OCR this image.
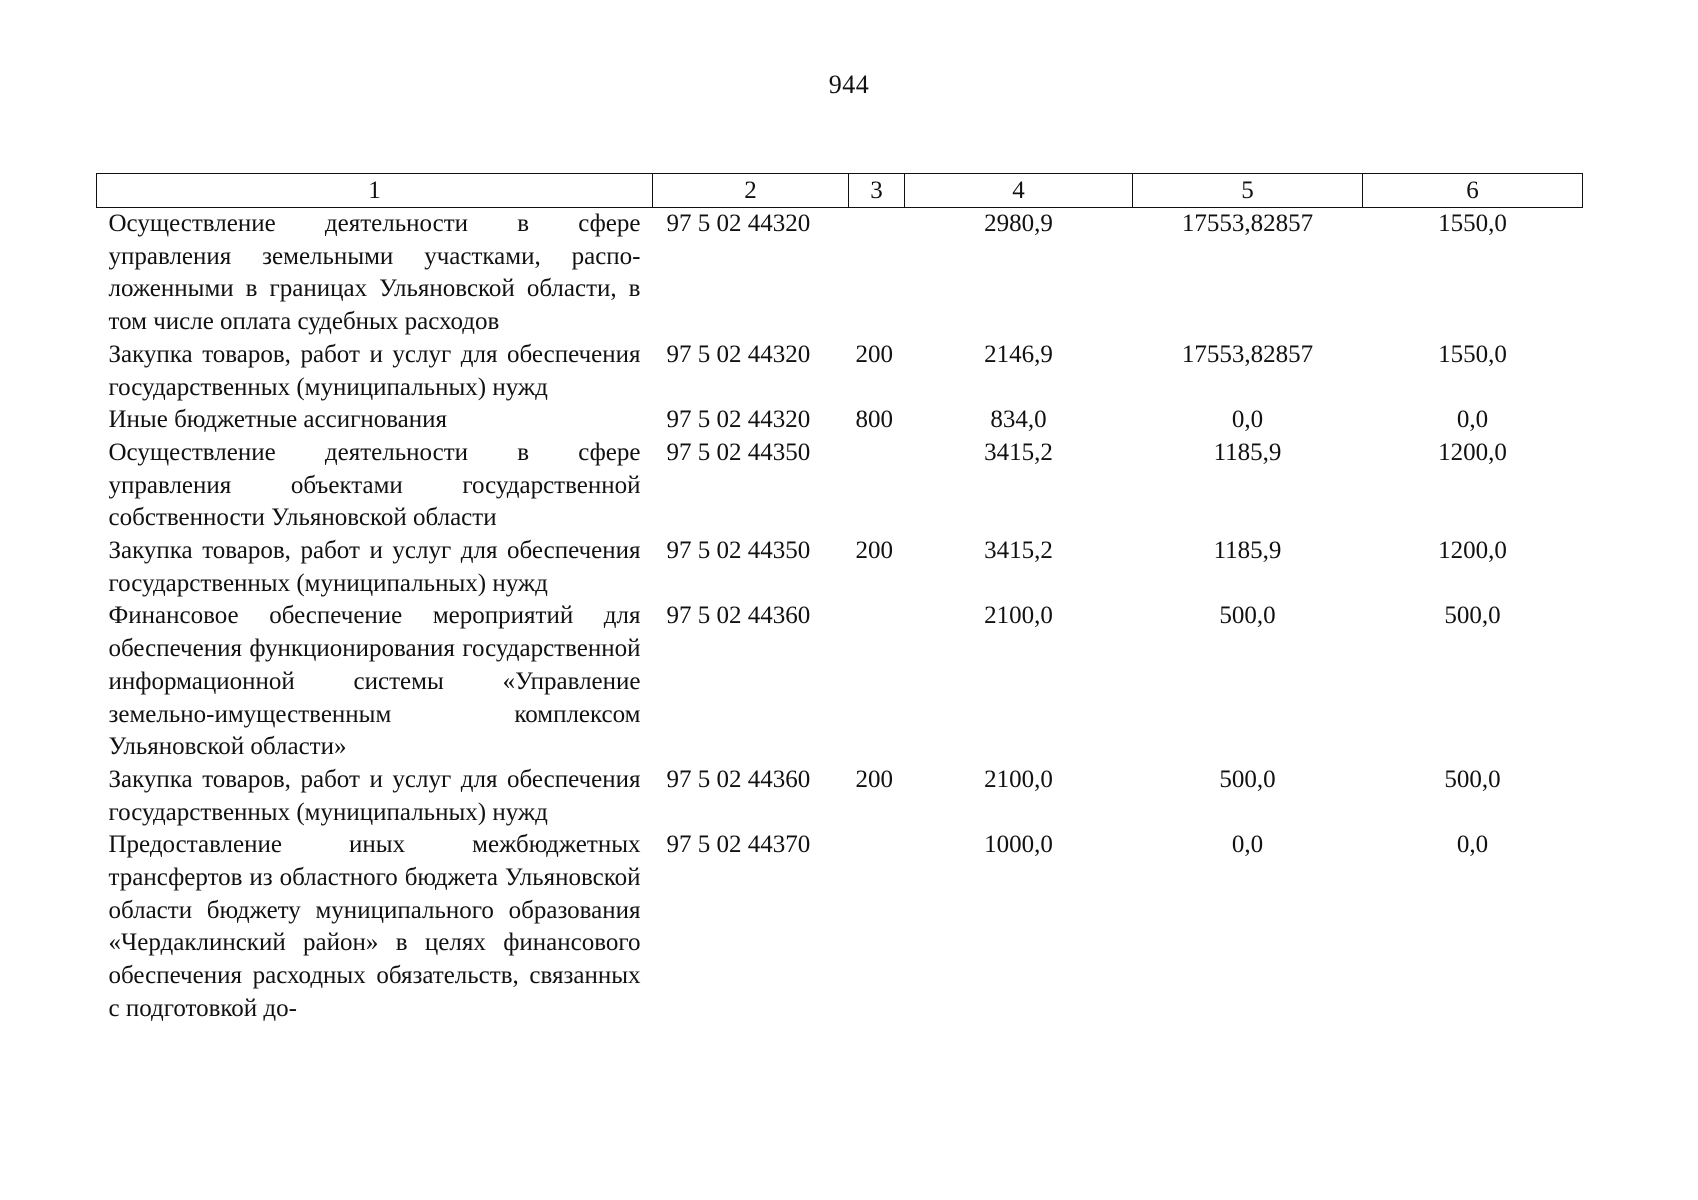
944
1	2	3	4	5	6
Осуществление деятельности в сфере управления земельными участками, расположенными в границах Ульяновской области, в том числе оплата судебных расходов	97 5 02 44320		2980,9	17553,82857	1550,0
Закупка товаров, работ и услуг для обеспечения государственных (муниципальных) нужд	97 5 02 44320	200	2146,9	17553,82857	1550,0
Иные бюджетные ассигнования	97 5 02 44320	800	834,0	0,0	0,0
Осуществление деятельности в сфере управления объектами государственной собственности Ульяновской области	97 5 02 44350		3415,2	1185,9	1200,0
Закупка товаров, работ и услуг для обеспечения государственных (муниципальных) нужд	97 5 02 44350	200	3415,2	1185,9	1200,0
Финансовое обеспечение мероприятий для обеспечения функционирования государственной информационной системы «Управление земельно-имущественным комплексом Ульяновской области»	97 5 02 44360		2100,0	500,0	500,0
Закупка товаров, работ и услуг для обеспечения государственных (муниципальных) нужд	97 5 02 44360	200	2100,0	500,0	500,0
Предоставление иных межбюджетных трансфертов из областного бюджета Ульяновской области бюджету муниципального образования «Чердаклинский район» в целях финансового обеспечения расходных обязательств, связанных с подготовкой до-	97 5 02 44370		1000,0	0,0	0,0
